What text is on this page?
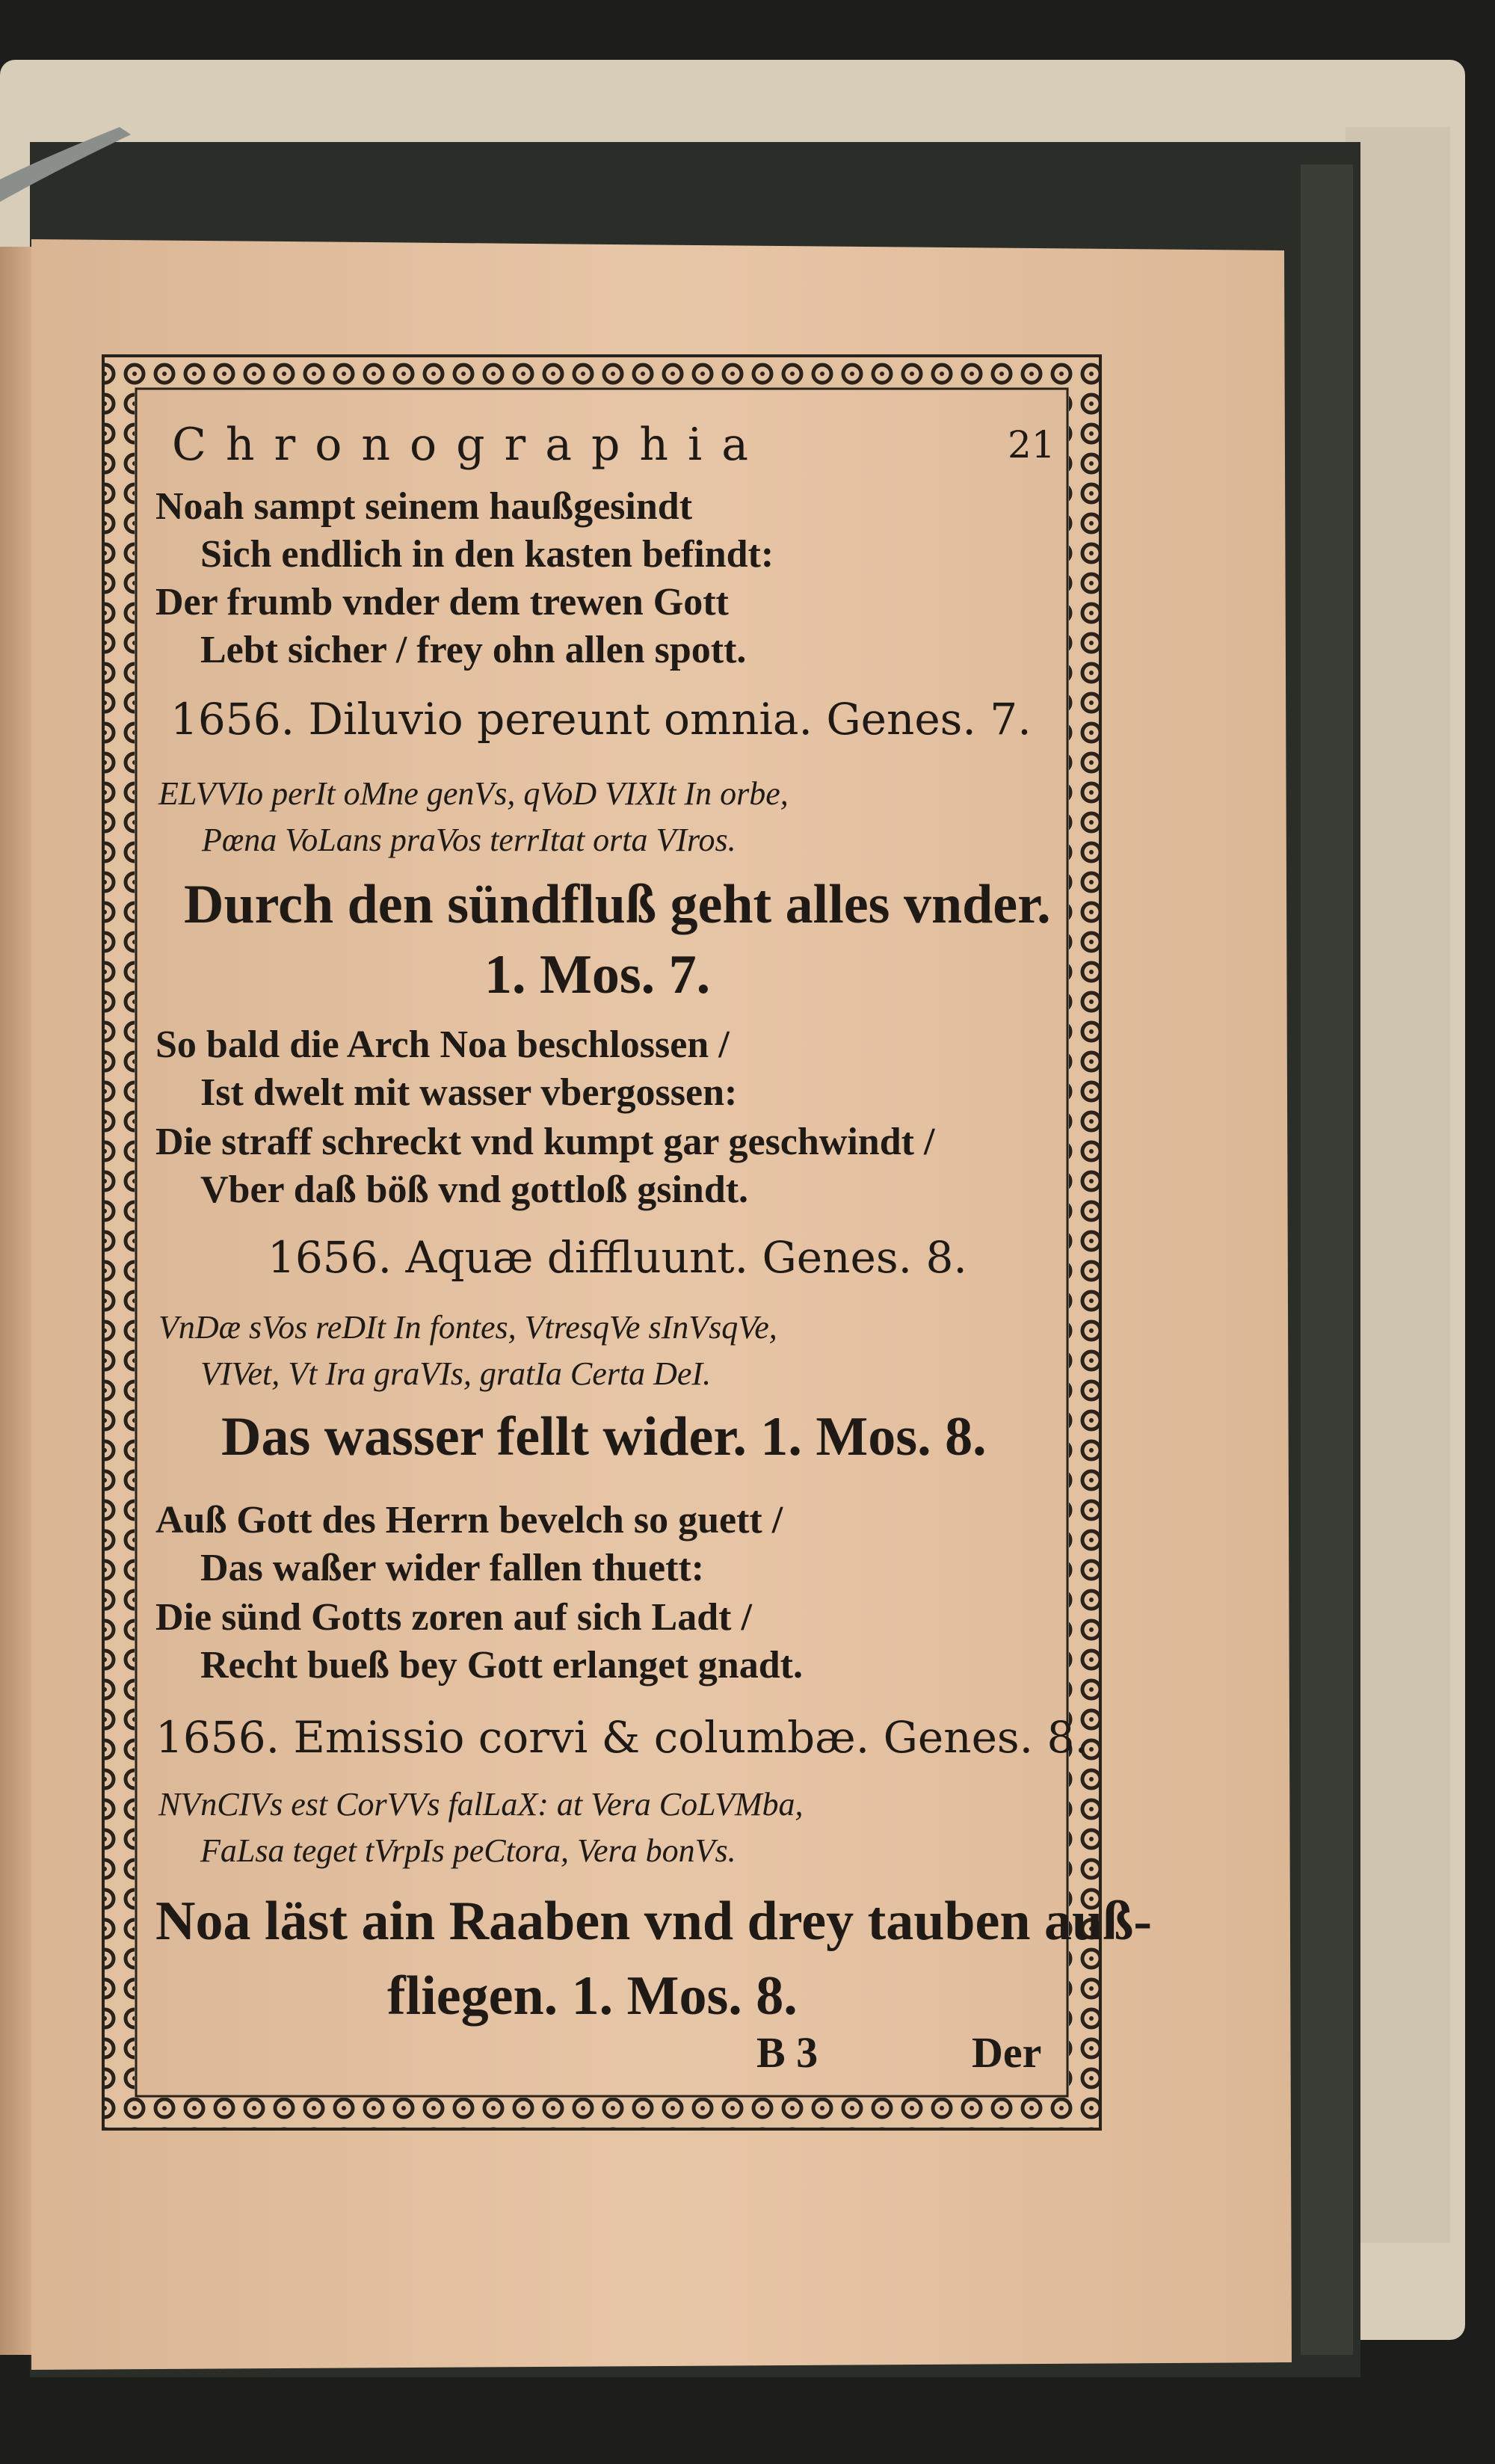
Chronographia	21
Noah sampt seinem haußgesindt
Sich endlich in den kasten befindt:
Der frumb vnder dem trewen Gott
Lebt sicher / frey ohn allen spott.
1656. Diluvio pereunt omnia. Genes. 7.
ELVVIo perIt oMne genVs, qVoD VIXIt In orbe,
Pœna VoLans praVos terrItat orta VIros.
Durch den sündfluß geht alles vnder.
1. Mos. 7.
So bald die Arch Noa beschlossen /
Ist dwelt mit wasser vbergossen:
Die straff schreckt vnd kumpt gar geschwindt /
Vber daß böß vnd gottloß gsindt.
1656. Aquæ diffluunt. Genes. 8.
VnDæ sVos reDIt In fontes, VtresqVe sInVsqVe,
VIVet, Vt Ira graVIs, gratIa Certa DeI.
Das wasser fellt wider. 1. Mos. 8.
Auß Gott des Herrn bevelch so guett /
Das waßer wider fallen thuett:
Die sünd Gotts zoren auf sich Ladt /
Recht bueß bey Gott erlanget gnadt.
1656. Emissio corvi & columbæ. Genes. 8.
NVnCIVs est CorVVs falLaX: at Vera CoLVMba,
FaLsa teget tVrpIs peCtora, Vera bonVs.
Noa läst ain Raaben vnd drey tauben auß-
fliegen. 1. Mos. 8.
B 3	Der
